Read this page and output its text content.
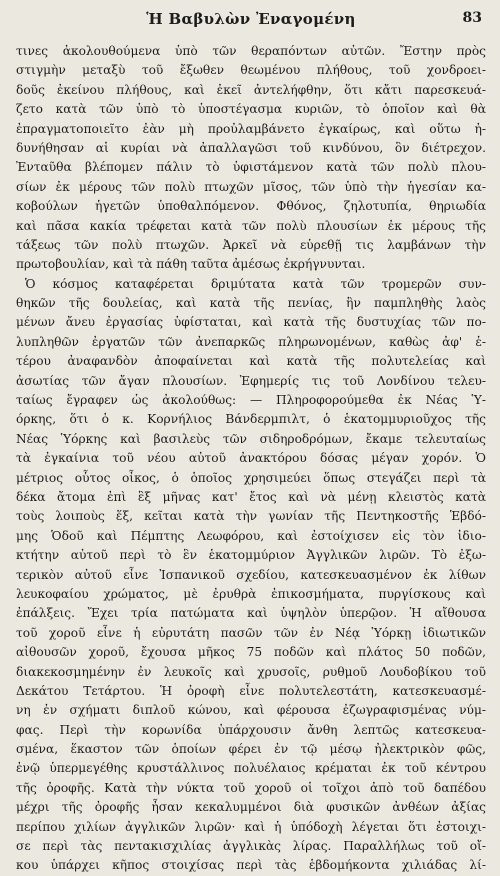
Ἡ Βαβυλὼν Ἐναγομένη	83
τινες ἀκολουθούμενα ὑπὸ τῶν θεραπόντων αὐτῶν. Ἔστην πρὸς
στιγμὴν μεταξὺ τοῦ ἔξωθεν θεωμένου πλήθους, τοῦ χονδροει-
δοῦς ἐκείνου πλήθους, καὶ ἐκεῖ ἀντελήφθην, ὅτι κἄτι παρεσκευά-
ζετο κατὰ τῶν ὑπὸ τὸ ὑποστέγασμα κυριῶν, τὸ ὁποῖον καὶ θὰ
ἐπραγματοποιεῖτο ἐὰν μὴ προὐλαμβάνετο ἐγκαίρως, καὶ οὕτω ἠ-
δυνήθησαν αἱ κυρίαι νὰ ἀπαλλαγῶσι τοῦ κινδύνου, ὃν διέτρεχον.
Ἐνταῦθα βλέπομεν πάλιν τὸ ὑφιστάμενον κατὰ τῶν πολὺ πλου-
σίων ἐκ μέρους τῶν πολὺ πτωχῶν μῖσος, τῶν ὑπὸ τὴν ἡγεσίαν κα-
κοβούλων ἡγετῶν ὑποθαλπόμενον. Φθόνος, ζηλοτυπία, θηριωδία
καὶ πᾶσα κακία τρέφεται κατὰ τῶν πολὺ πλουσίων ἐκ μέρους τῆς
τάξεως τῶν πολὺ πτωχῶν. Ἀρκεῖ νὰ εὑρεθῇ τις λαμβάνων τὴν
πρωτοβουλίαν, καὶ τὰ πάθη ταῦτα ἀμέσως ἐκρήγνυνται.
Ὁ κόσμος καταφέρεται δριμύτατα κατὰ τῶν τρομερῶν συν-
θηκῶν τῆς δουλείας, καὶ κατὰ τῆς πενίας, ἣν παμπληθὴς λαὸς
μένων ἄνευ ἐργασίας ὑφίσταται, καὶ κατὰ τῆς δυστυχίας τῶν πο-
λυπληθῶν ἐργατῶν τῶν ἀνεπαρκῶς πληρωνομένων, καθὼς ἀφ' ἑ-
τέρου ἀναφανδὸν ἀποφαίνεται καὶ κατὰ τῆς πολυτελείας καὶ
ἀσωτίας τῶν ἄγαν πλουσίων. Ἐφημερίς τις τοῦ Λονδίνου τελευ-
ταίως ἔγραφεν ὡς ἀκολούθως: — Πληροφορούμεθα ἐκ Νέας Ὑ-
όρκης, ὅτι ὁ κ. Κορνήλιος Βάνδερμπιλτ, ὁ ἑκατομμυριοῦχος τῆς
Νέας Ὑόρκης καὶ βασιλεὺς τῶν σιδηροδρόμων, ἔκαμε τελευταίως
τὰ ἐγκαίνια τοῦ νέου αὐτοῦ ἀνακτόρου δόσας μέγαν χορόν. Ὁ
μέτριος οὗτος οἶκος, ὁ ὁποῖος χρησιμεύει ὅπως στεγάζει περὶ τὰ
δέκα ἄτομα ἐπὶ ἓξ μῆνας κατ' ἔτος καὶ νὰ μένῃ κλειστὸς κατὰ
τοὺς λοιποὺς ἕξ, κεῖται κατὰ τὴν γωνίαν τῆς Πεντηκοστῆς Ἑβδό-
μης Ὁδοῦ καὶ Πέμπτης Λεωφόρου, καὶ ἐστοίχισεν εἰς τὸν ἰδιο-
κτήτην αὐτοῦ περὶ τὸ ἓν ἑκατομμύριον Ἀγγλικῶν λιρῶν. Τὸ ἐξω-
τερικὸν αὐτοῦ εἶνε Ἰσπανικοῦ σχεδίου, κατεσκευασμένον ἐκ λίθων
λευκοφαίου χρώματος, μὲ ἐρυθρὰ ἐπικοσμήματα, πυργίσκους καὶ
ἐπάλξεις. Ἔχει τρία πατώματα καὶ ὑψηλὸν ὑπερῷον. Ἡ αἴθουσα
τοῦ χοροῦ εἶνε ἡ εὐρυτάτη πασῶν τῶν ἐν Νέᾳ Ὑόρκῃ ἰδιωτικῶν
αἰθουσῶν χοροῦ, ἔχουσα μῆκος 75 ποδῶν καὶ πλάτος 50 ποδῶν,
διακεκοσμημένην ἐν λευκοῖς καὶ χρυσοῖς, ρυθμοῦ Λουδοβίκου τοῦ
Δεκάτου Τετάρτου. Ἡ ὀροφὴ εἶνε πολυτελεστάτη, κατεσκευασμέ-
νη ἐν σχήματι διπλοῦ κώνου, καὶ φέρουσα ἐζωγραφισμένας νύμ-
φας. Περὶ τὴν κορωνίδα ὑπάρχουσιν ἄνθη λεπτῶς κατεσκευα-
σμένα, ἕκαστον τῶν ὁποίων φέρει ἐν τῷ μέσῳ ἠλεκτρικὸν φῶς,
ἐνῷ ὑπερμεγέθης κρυστάλλινος πολυέλαιος κρέμαται ἐκ τοῦ κέντρου
τῆς ὀροφῆς. Κατὰ τὴν νύκτα τοῦ χοροῦ οἱ τοῖχοι ἀπὸ τοῦ δαπέδου
μέχρι τῆς ὀροφῆς ἦσαν κεκαλυμμένοι διὰ φυσικῶν ἀνθέων ἀξίας
περίπου χιλίων ἀγγλικῶν λιρῶν· καὶ ἡ ὑπόδοχὴ λέγεται ὅτι ἐστοιχι-
σε περὶ τὰς πεντακισχιλίας ἀγγλικὰς λίρας. Παραλλήλως τοῦ οἴ-
κου ὑπάρχει κῆπος στοιχίσας περὶ τὰς ἑβδομήκοντα χιλιάδας λί-
